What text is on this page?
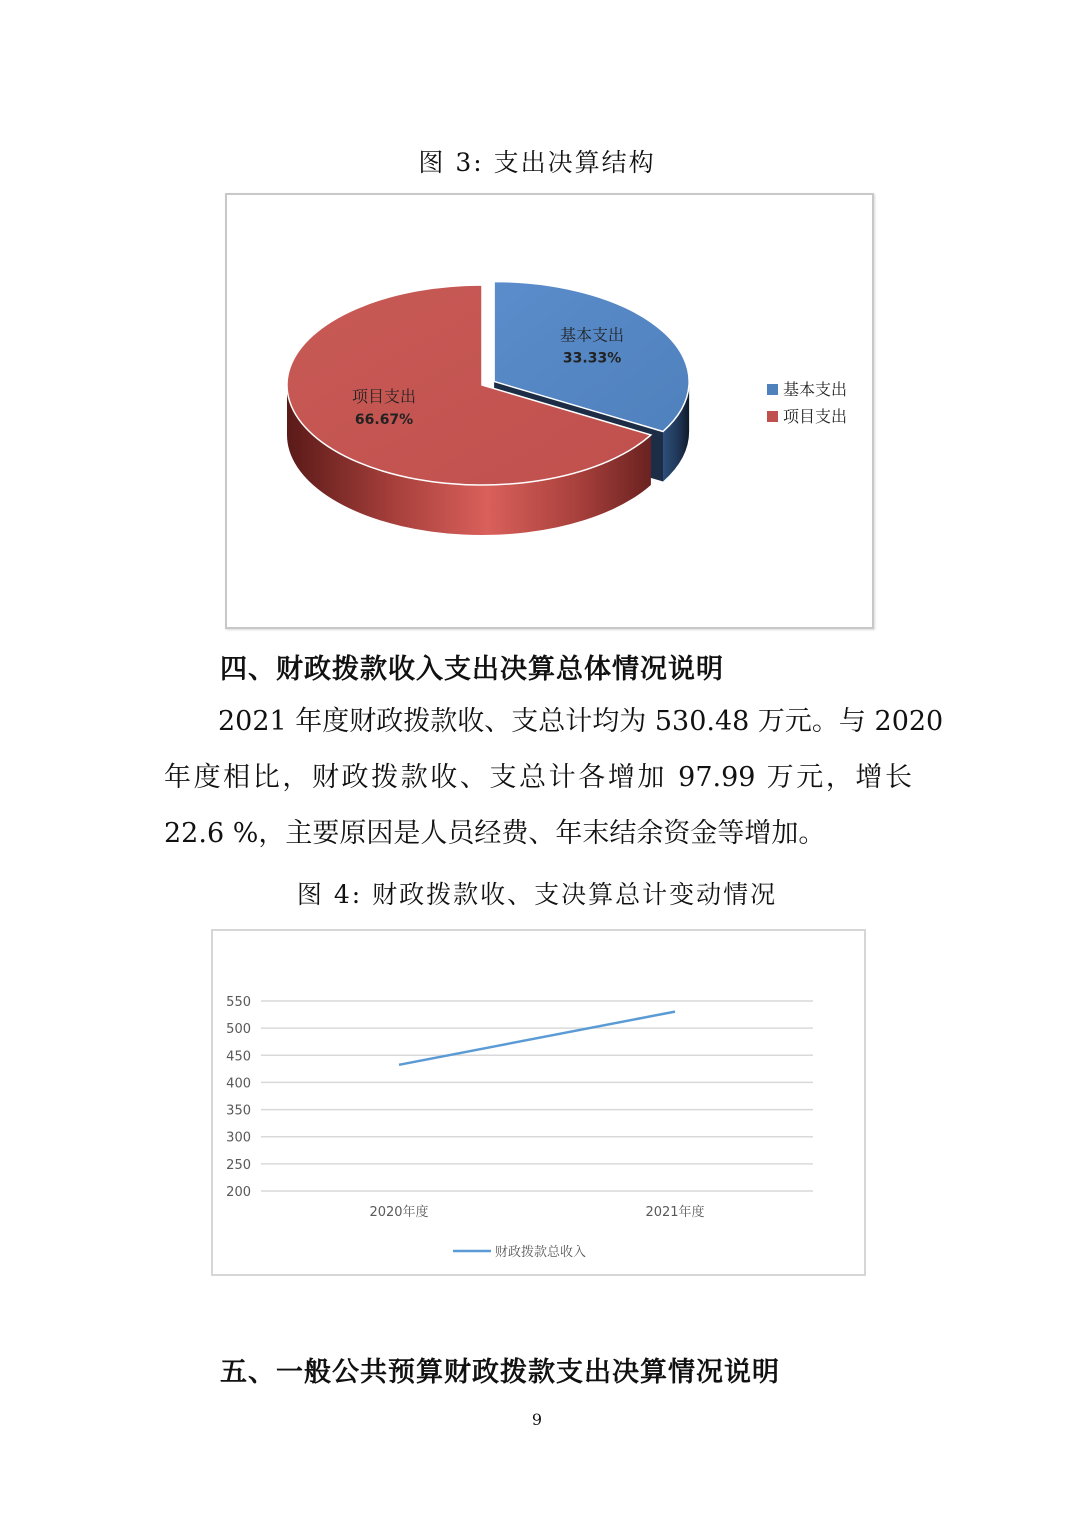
图 3: 支出决算结构
基本支出
33.33%
项目支出
66.67%
基本支出
项目支出
四、财政拨款收入支出决算总体情况说明
2021 年度财政拨款收、支总计均为 530.48 万元。与 2020
年度相比，财政拨款收、支总计各增加 97.99 万元，增长
22.6 %，主要原因是人员经费、年末结余资金等增加。
图 4: 财政拨款收、支决算总计变动情况
550
500
450
400
350
300
250
200
2020年度	2021年度
财政拨款总收入
五、一般公共预算财政拨款支出决算情况说明
9
